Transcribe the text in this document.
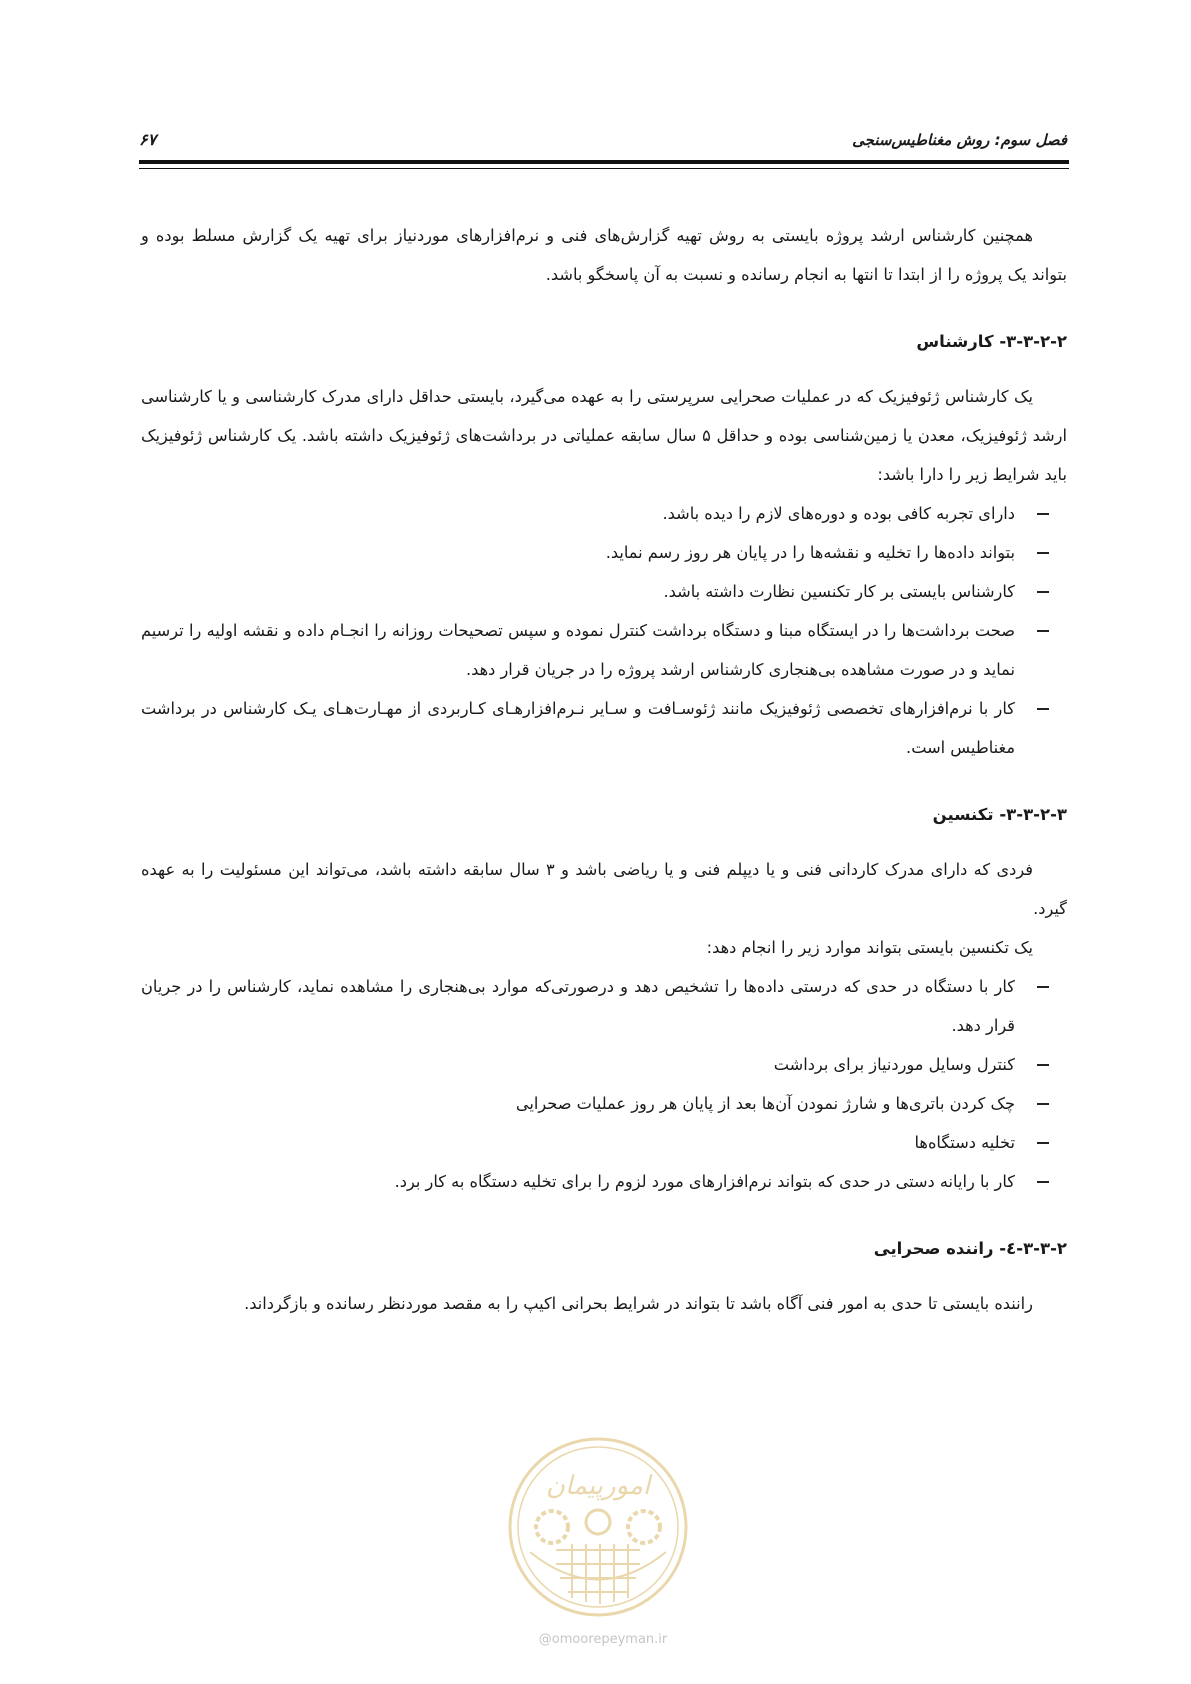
فصل سوم: روش مغناطیس‌سنجی
۶۷

همچنین کارشناس ارشد پروژه بایستی به روش تهیه گزارش‌های فنی و نرم‌افزارهای موردنیاز برای تهیه یک گزارش مسلط بوده و بتواند یک پروژه را از ابتدا تا انتها به انجام رسانده و نسبت به آن پاسخگو باشد.

۳-۳-۲-۲- کارشناس

یک کارشناس ژئوفیزیک که در عملیات صحرایی سرپرستی را به عهده می‌گیرد، بایستی حداقل دارای مدرک کارشناسی و یا کارشناسی ارشد ژئوفیزیک، معدن یا زمین‌شناسی بوده و حداقل ۵ سال سابقه عملیاتی در برداشت‌های ژئوفیزیک داشته باشد. یک کارشناس ژئوفیزیک باید شرایط زیر را دارا باشد:

دارای تجربه کافی بوده و دوره‌های لازم را دیده باشد.
بتواند داده‌ها را تخلیه و نقشه‌ها را در پایان هر روز رسم نماید.
کارشناس بایستی بر کار تکنسین نظارت داشته باشد.
صحت برداشت‌ها را در ایستگاه مبنا و دستگاه برداشت کنترل نموده و سپس تصحیحات روزانه را انجـام داده و نقشه اولیه را ترسیم نماید و در صورت مشاهده بی‌هنجاری کارشناس ارشد پروژه را در جریان قرار دهد.
کار با نرم‌افزارهای تخصصی ژئوفیزیک مانند ژئوسـافت و سـایر نـرم‌افزارهـای کـاربردی از مهـارت‌هـای یـک کارشناس در برداشت مغناطیس است.

۳-۳-۲-۳- تکنسین

فردی که دارای مدرک کاردانی فنی و یا دیپلم فنی و یا ریاضی باشد و ۳ سال سابقه داشته باشد، می‌تواند این مسئولیت را به عهده گیرد.

یک تکنسین بایستی بتواند موارد زیر را انجام دهد:

کار با دستگاه در حدی که درستی داده‌ها را تشخیص دهد و درصورتی‌که موارد بی‌هنجاری را مشاهده نماید، کارشناس را در جریان قرار دهد.
کنترل وسایل موردنیاز برای برداشت
چک کردن باتری‌ها و شارژ نمودن آن‌ها بعد از پایان هر روز عملیات صحرایی
تخلیه دستگاه‌ها
کار با رایانه دستی در حدی که بتواند نرم‌افزارهای مورد لزوم را برای تخلیه دستگاه به کار برد.

۳-۳-۲-٤- راننده صحرایی

راننده بایستی تا حدی به امور فنی آگاه باشد تا بتواند در شرایط بحرانی اکیپ را به مقصد موردنظر رسانده و بازگرداند.

امورپیمان
@omoorepeyman.ir
